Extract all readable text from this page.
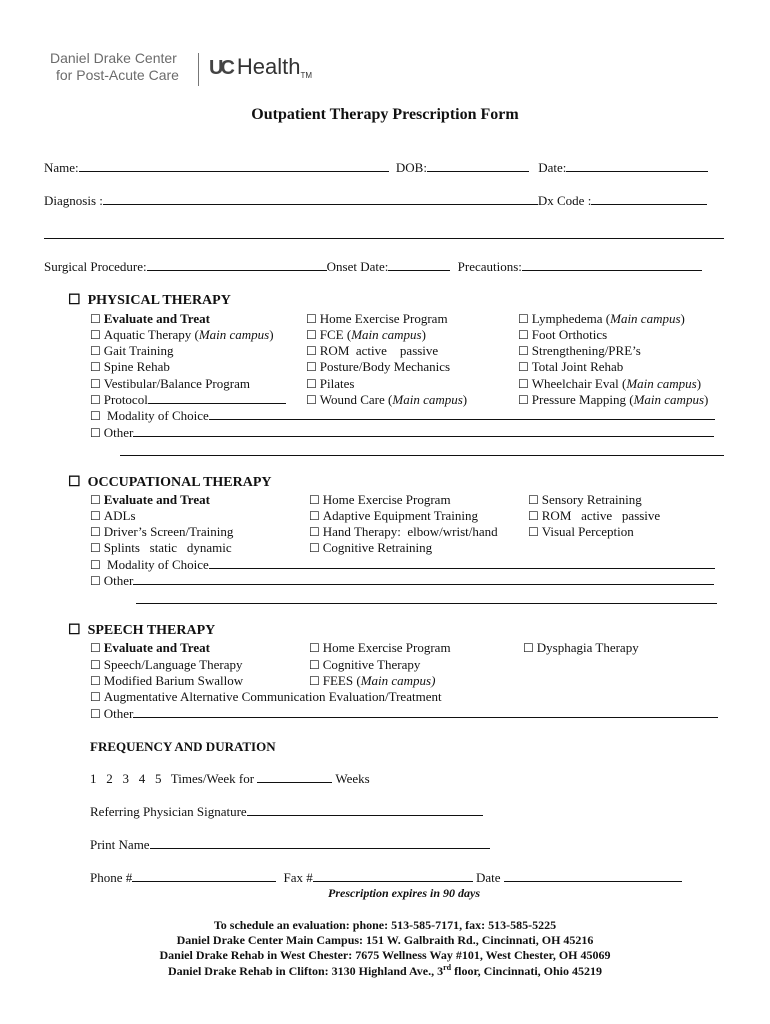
Daniel Drake Center
for Post-Acute Care UC HealthTM
Outpatient Therapy Prescription Form
Name:	DOB:	Date:
Diagnosis :	Dx Code :
Surgical Procedure:	Onset Date:	Precautions:
☐ PHYSICAL THERAPY
☐ Evaluate and Treat
☐ Aquatic Therapy (Main campus)
☐ Gait Training
☐ Spine Rehab
☐ Vestibular/Balance Program
☐ Protocol
☐ Modality of Choice
☐ Other
☐ Home Exercise Program
☐ FCE (Main campus)
☐ ROM  active    passive
☐ Posture/Body Mechanics
☐ Pilates
☐ Wound Care (Main campus)
☐ Lymphedema (Main campus)
☐ Foot Orthotics
☐ Strengthening/PRE’s
☐ Total Joint Rehab
☐ Wheelchair Eval (Main campus)
☐ Pressure Mapping (Main campus)
☐ OCCUPATIONAL THERAPY
☐ Evaluate and Treat
☐ ADLs
☐ Driver’s Screen/Training
☐ Splints   static   dynamic
☐ Modality of Choice
☐ Other
☐ Home Exercise Program
☐ Adaptive Equipment Training
☐ Hand Therapy:  elbow/wrist/hand
☐ Cognitive Retraining
☐ Sensory Retraining
☐ ROM   active   passive
☐ Visual Perception
☐ SPEECH THERAPY
☐ Evaluate and Treat
☐ Speech/Language Therapy
☐ Modified Barium Swallow
☐ Augmentative Alternative Communication Evaluation/Treatment
☐ Other
☐ Home Exercise Program
☐ Cognitive Therapy
☐ FEES (Main campus)
☐ Dysphagia Therapy
FREQUENCY AND DURATION
1   2   3   4   5 Times/Week for	Weeks
Referring Physician Signature
Print Name
Phone #	Fax #	Date
Prescription expires in 90 days
To schedule an evaluation: phone: 513-585-7171, fax: 513-585-5225
Daniel Drake Center Main Campus: 151 W. Galbraith Rd., Cincinnati, OH 45216
Daniel Drake Rehab in West Chester: 7675 Wellness Way #101, West Chester, OH 45069
Daniel Drake Rehab in Clifton: 3130 Highland Ave., 3rd floor, Cincinnati, Ohio 45219
